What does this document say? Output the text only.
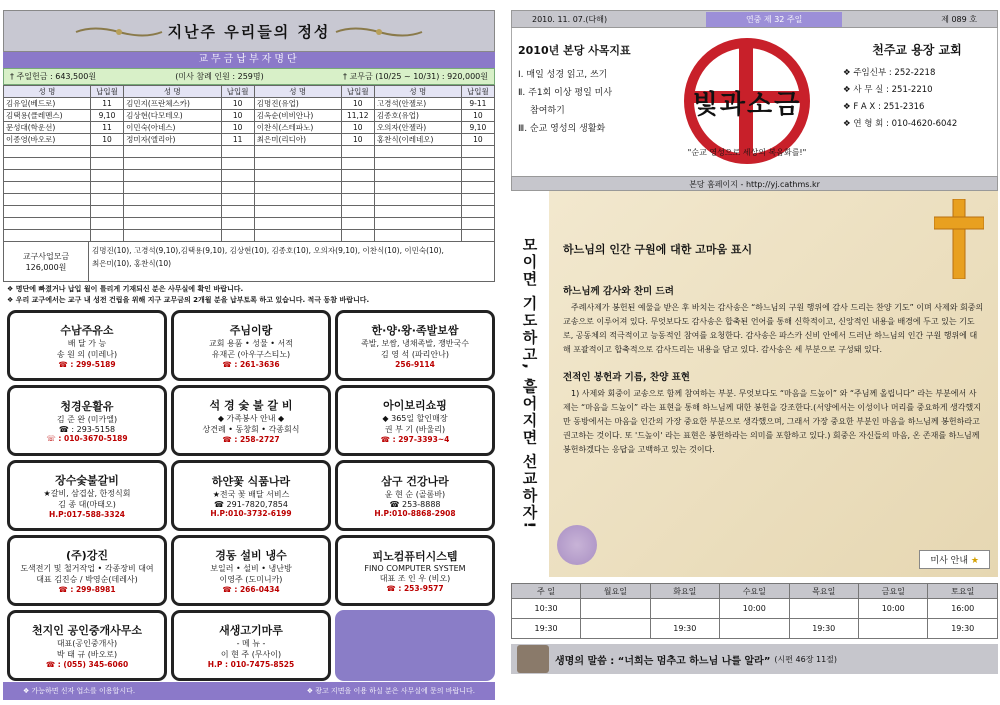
지난주 우리들의 정성
교무금납부자명단
† 주일헌금 : 643,500원	(미사 참례 인원 : 259명)	† 교무금 (10/25 ~ 10/31) : 920,000원
성 명	납입월	성 명	납입월	성 명	납입월	성 명	납입월
김유일(베드로)	11	김민지(프란체스카)	10	김명진(유업)	10	고경석(안젤로)	9-11
김택용(클레멘스)	9,10	김상현(다모테오)	10	김옥순(비비안나)	11,12	김종호(유업)	10
문성대(학운선)	11	이민숙(아네스)	10	이찬식(스테파노)	10	오의자(안젤라)	9,10
이종영(바오로)	10	정미자(엘리아)	11	최은미(리디아)	10	홍찬식(이레네오)	10

교구사업모금
126,000원
김명진(10), 고경석(9,10),김택용(9,10), 김상현(10), 김종호(10), 오의자(9,10), 이찬식(10), 이민숙(10),
최은미(10), 홍찬식(10)
❖ 명단에 빠졌거나 납입 월이 틀리게 기재되신 분은 사무실에 확인 바랍니다.
❖ 우리 교구에서는 교구 내 성전 건립을 위해 지구 교무금의 2개월 분을 납부토록 하고 있습니다. 적극 동참 바랍니다.
수남주유소
배 달 가 능
송 원 의 (미레나)
☎ : 299-5189
주님이랑
교회 용품 • 성물 • 서적
유재곤 (아우구스티노)
☎ : 261-3636
한·양·왕·족발보쌈
족발, 보쌈, 냉채족발, 쟁반국수
김 영 석 (파리안나)
256-9114
청경운활유
김 준 완 (미카엘)
☎ : 293-5158
☏ : 010-3670-5189
석 경 숯 불 갈 비
◆ 가족봉사 안내 ◆
상견례 • 동창회 • 각종회식
☎ : 258-2727
아이보리쇼핑
◆ 365일 할인매장
권 부 기 (바울리)
☎ : 297-3393~4
장수숯불갈비
★갈비, 삼겹살, 한정식회
김 종 대(마태오)
H.P:017-588-3324
하얀꽃 식품나라
★전국 꽃 배달 서비스
☎ 291-7820,7854
H.P:010-3732-6199
삼구 건강나라
윤 현 순 (골롬바)
☎ 253-8888
H.P:010-8868-2908
(주)강진
도색전기 및 철거작업 • 각종장비 대여
대표 김진승 / 박영순(데레사)
☎ : 299-8981
경동 설비 냉수
보일러 • 설비 • 냉난방
이영주 (도미니카)
☎ : 266-0434
피노컴퓨터시스템
FINO COMPUTER SYSTEM
대표 조 인 우 (비오)
☎ : 253-9577
천지인 공인중개사무소
대표(공인중개사)
박 태 규 (바오로)
☎ : (055) 345-6060
새생고기마루
- 메 뉴 -
이 현 주 (무사이)
H.P : 010-7475-8525
❖ 가능하면 신자 업소를 이용합시다.	❖ 광고 지면을 이용 하실 분은 사무실에 문의 바랍니다.
2010. 11. 07.(다해)	연중 제 32 주일	제 089 호
2010년 본당 사목지표
Ⅰ. 매일 성경 읽고, 쓰기
Ⅱ. 주1회 이상 평일 미사
참여하기
Ⅲ. 순교 영성의 생활화
빛과소금
"순교 영성으로 세상의 복음화를!"
천주교 용장 교회
❖ 주임신부 : 252-2218
❖ 사 무 실 : 251-2210
❖ F A X : 251-2316
❖ 연 형 회 : 010-4620-6042
본당 홈페이지 - http://yj.cathms.kr
모이면 기도하고, 흩어지면 선교하자! 하느님의 인간 구원에 대한 고마움 표시
하느님께 감사와 찬미 드려

주례사제가 봉헌된 예물을 받은 후 바치는 감사송은 “하느님의 구원 행위에 감사 드리는 찬양 기도” 이며 사제와 회중의 교송으로 이루어져 있다. 무엇보다도 감사송은 합축된 언어를 통해 신학적이고, 신앙적인 내용을 배경에 두고 있는 기도로, 공동체의 적극적이고 능동적인 참여를 요청한다. 감사송은 파스카 신비 안에서 드러난 하느님의 인간 구원 행위에 대해 포괄적이고 합축적으로 감사드리는 내용을 담고 있다. 감사송은 세 부분으로 구성돼 있다.

전적인 봉헌과 기름, 찬양 표현

1) 사제와 회중이 교송으로 함께 참여하는 부분. 무엇보다도 “마음을 드높이” 와 “주님께 올립니다” 라는 부분에서 사제는 “마음을 드높이” 라는 표현을 통해 하느님께 대한 봉헌을 강조한다.(서양에서는 이성이나 머리를 중요하게 생각했지만 동방에서는 마음을 인간의 가장 중요한 부분으로 생각했으며, 그래서 가장 중요한 부분인 마음을 하느님께 봉헌하라고 권고하는 것이다. 또 '드높이' 라는 표현은 봉헌하라는 의미를 포함하고 있다.) 회중은 자신들의 마음, 온 존재를 하느님께 봉헌하겠다는 응답을 고백하고 있는 것이다.

미사 안내 ★
주 일	월요일	화요일	수요일	목요일	금요일	토요일
10:30			10:00		10:00	16:00
19:30		19:30		19:30		19:30
생명의 말씀 :
“너희는 멈추고 하느님 나를 알라” (시편 46장 11절)
